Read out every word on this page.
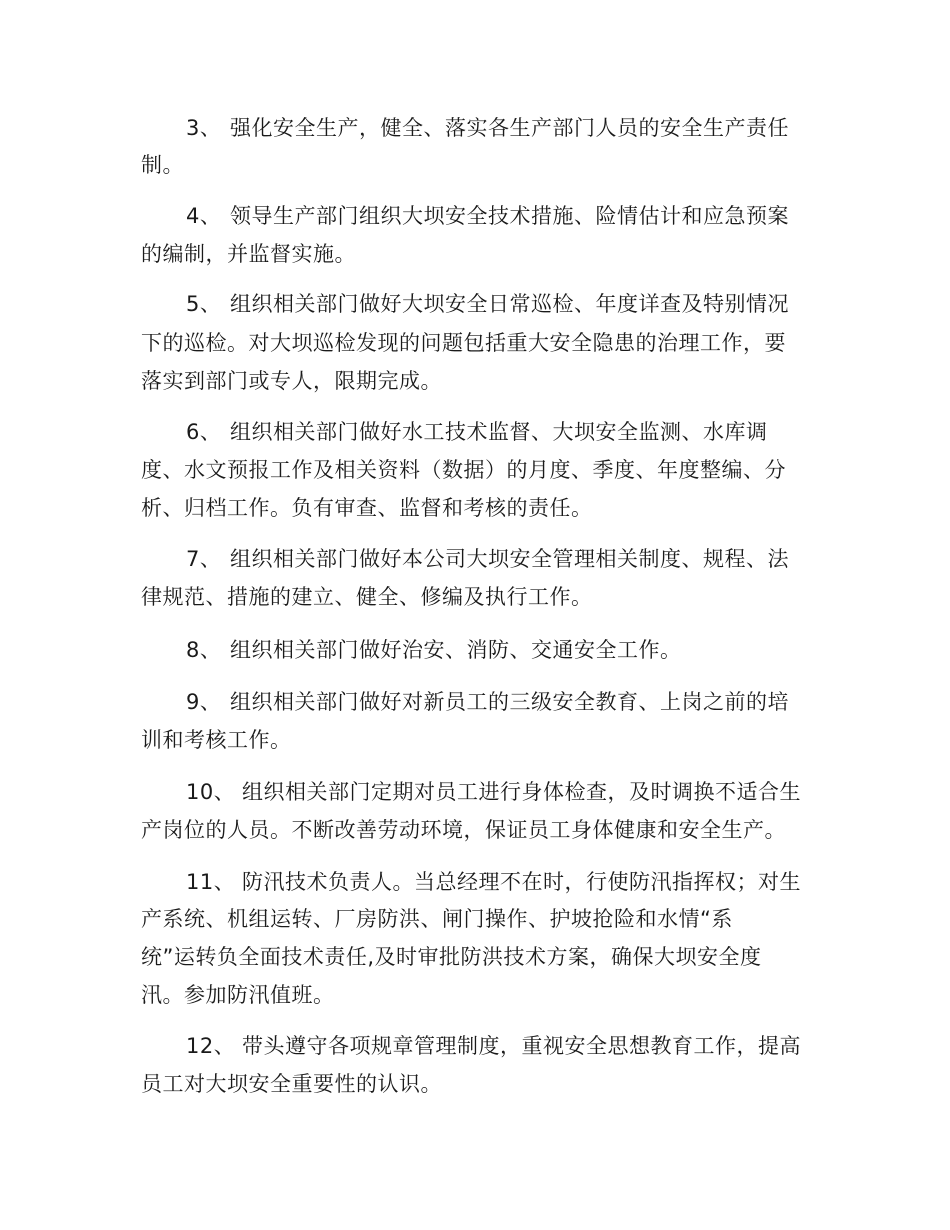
3、 强化安全生产，健全、落实各生产部门人员的安全生产责任
制。
4、 领导生产部门组织大坝安全技术措施、险情估计和应急预案
的编制，并监督实施。
5、 组织相关部门做好大坝安全日常巡检、年度详查及特别情况
下的巡检。对大坝巡检发现的问题包括重大安全隐患的治理工作，要
落实到部门或专人，限期完成。
6、 组织相关部门做好水工技术监督、大坝安全监测、水库调
度、水文预报工作及相关资料（数据）的月度、季度、年度整编、分
析、归档工作。负有审查、监督和考核的责任。
7、 组织相关部门做好本公司大坝安全管理相关制度、规程、法
律规范、措施的建立、健全、修编及执行工作。
8、 组织相关部门做好治安、消防、交通安全工作。
9、 组织相关部门做好对新员工的三级安全教育、上岗之前的培
训和考核工作。
10、 组织相关部门定期对员工进行身体检查，及时调换不适合生
产岗位的人员。不断改善劳动环境，保证员工身体健康和安全生产。
11、 防汛技术负责人。当总经理不在时，行使防汛指挥权；对生
产系统、机组运转、厂房防洪、闸门操作、护坡抢险和水情“系
统”运转负全面技术责任,及时审批防洪技术方案，确保大坝安全度
汛。参加防汛值班。
12、 带头遵守各项规章管理制度，重视安全思想教育工作，提高
员工对大坝安全重要性的认识。
